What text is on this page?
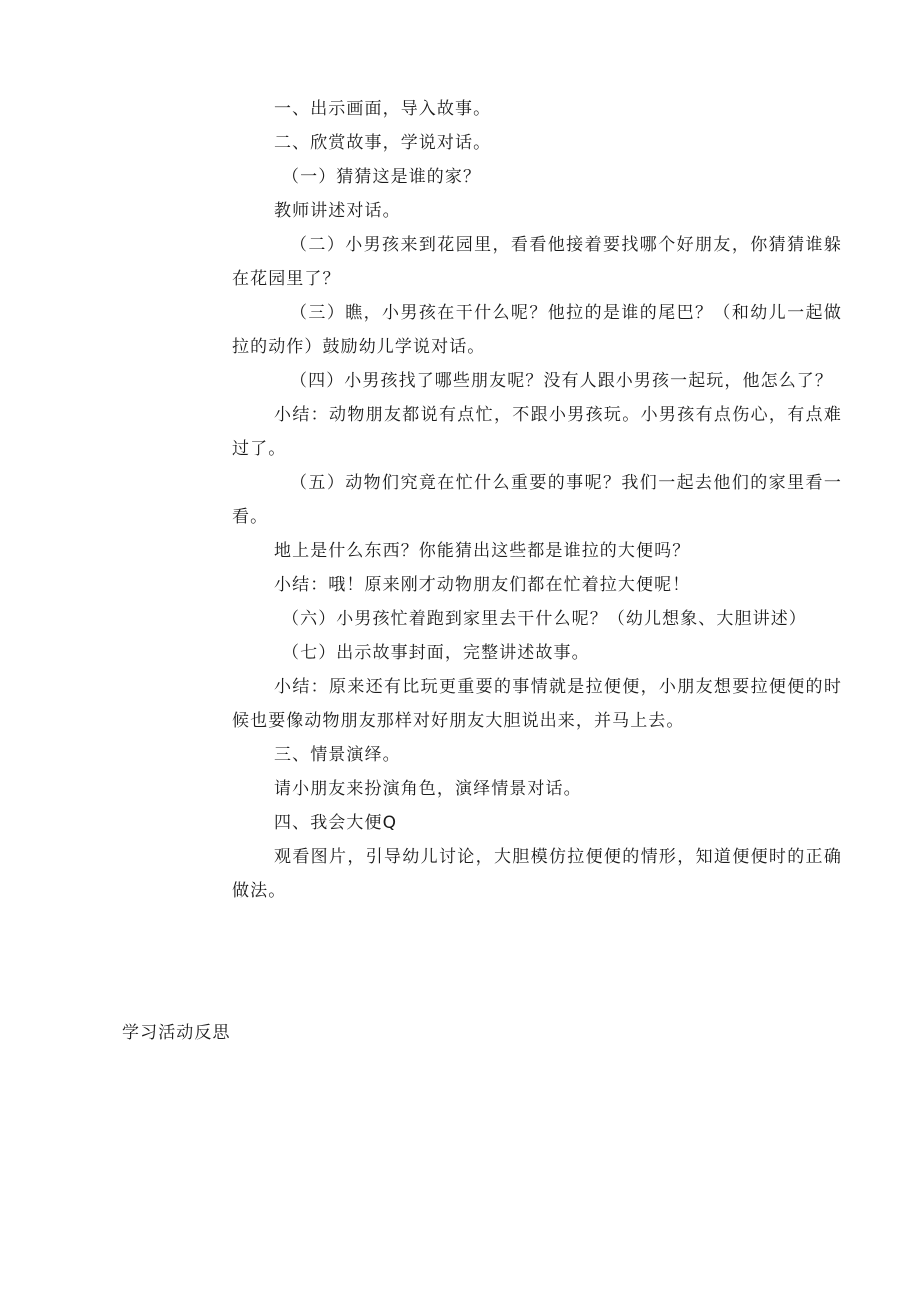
一、出示画面，导入故事。

二、欣赏故事，学说对话。

（一）猜猜这是谁的家？

教师讲述对话。

（二）小男孩来到花园里，看看他接着要找哪个好朋友，你猜猜谁躲在花园里了？

（三）瞧，小男孩在干什么呢？他拉的是谁的尾巴？（和幼儿一起做拉的动作）鼓励幼儿学说对话。

（四）小男孩找了哪些朋友呢？没有人跟小男孩一起玩，他怎么了？

小结：动物朋友都说有点忙，不跟小男孩玩。小男孩有点伤心，有点难过了。

（五）动物们究竟在忙什么重要的事呢？我们一起去他们的家里看一看。

地上是什么东西？你能猜出这些都是谁拉的大便吗？

小结：哦！原来刚才动物朋友们都在忙着拉大便呢！

（六）小男孩忙着跑到家里去干什么呢？（幼儿想象、大胆讲述）

（七）出示故事封面，完整讲述故事。

小结：原来还有比玩更重要的事情就是拉便便，小朋友想要拉便便的时候也要像动物朋友那样对好朋友大胆说出来，并马上去。

三、情景演绎。

请小朋友来扮演角色，演绎情景对话。

四、我会大便Q

观看图片，引导幼儿讨论，大胆模仿拉便便的情形，知道便便时的正确做法。

学习活动反思
